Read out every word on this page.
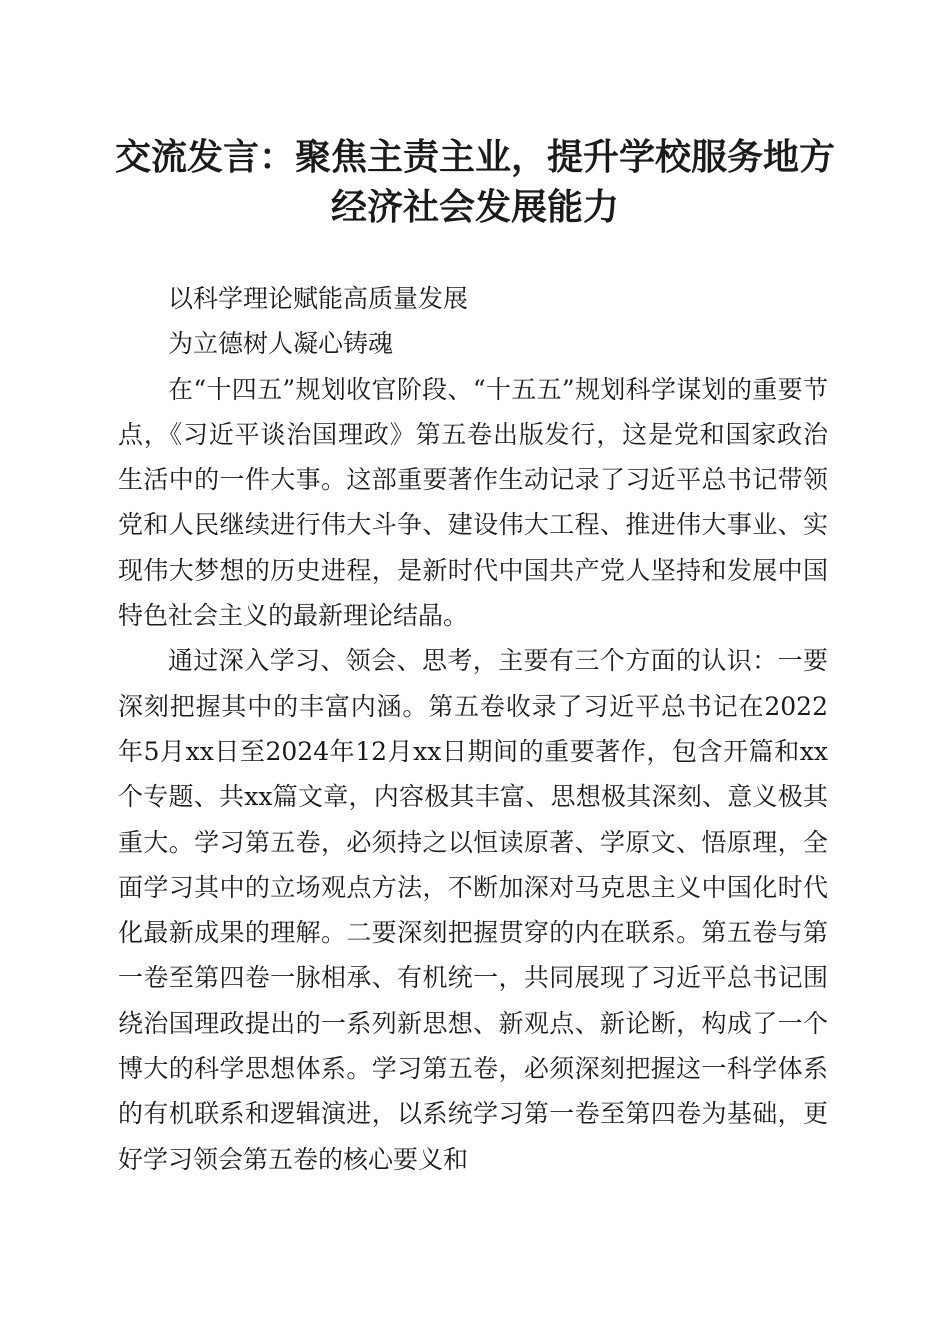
交流发言：聚焦主责主业，提升学校服务地方
经济社会发展能力

以科学理论赋能高质量发展

为立德树人凝心铸魂

在“十四五”规划收官阶段、“十五五”规划科学谋划的重要节点，《习近平谈治国理政》第五卷出版发行，这是党和国家政治生活中的一件大事。这部重要著作生动记录了习近平总书记带领党和人民继续进行伟大斗争、建设伟大工程、推进伟大事业、实现伟大梦想的历史进程，是新时代中国共产党人坚持和发展中国特色社会主义的最新理论结晶。

通过深入学习、领会、思考，主要有三个方面的认识：一要深刻把握其中的丰富内涵。第五卷收录了习近平总书记在2022年5月xx日至2024年12月xx日期间的重要著作，包含开篇和xx个专题、共xx篇文章，内容极其丰富、思想极其深刻、意义极其重大。学习第五卷，必须持之以恒读原著、学原文、悟原理，全面学习其中的立场观点方法，不断加深对马克思主义中国化时代化最新成果的理解。二要深刻把握贯穿的内在联系。第五卷与第一卷至第四卷一脉相承、有机统一，共同展现了习近平总书记围绕治国理政提出的一系列新思想、新观点、新论断，构成了一个博大的科学思想体系。学习第五卷，必须深刻把握这一科学体系的有机联系和逻辑演进，以系统学习第一卷至第四卷为基础，更好学习领会第五卷的核心要义和
